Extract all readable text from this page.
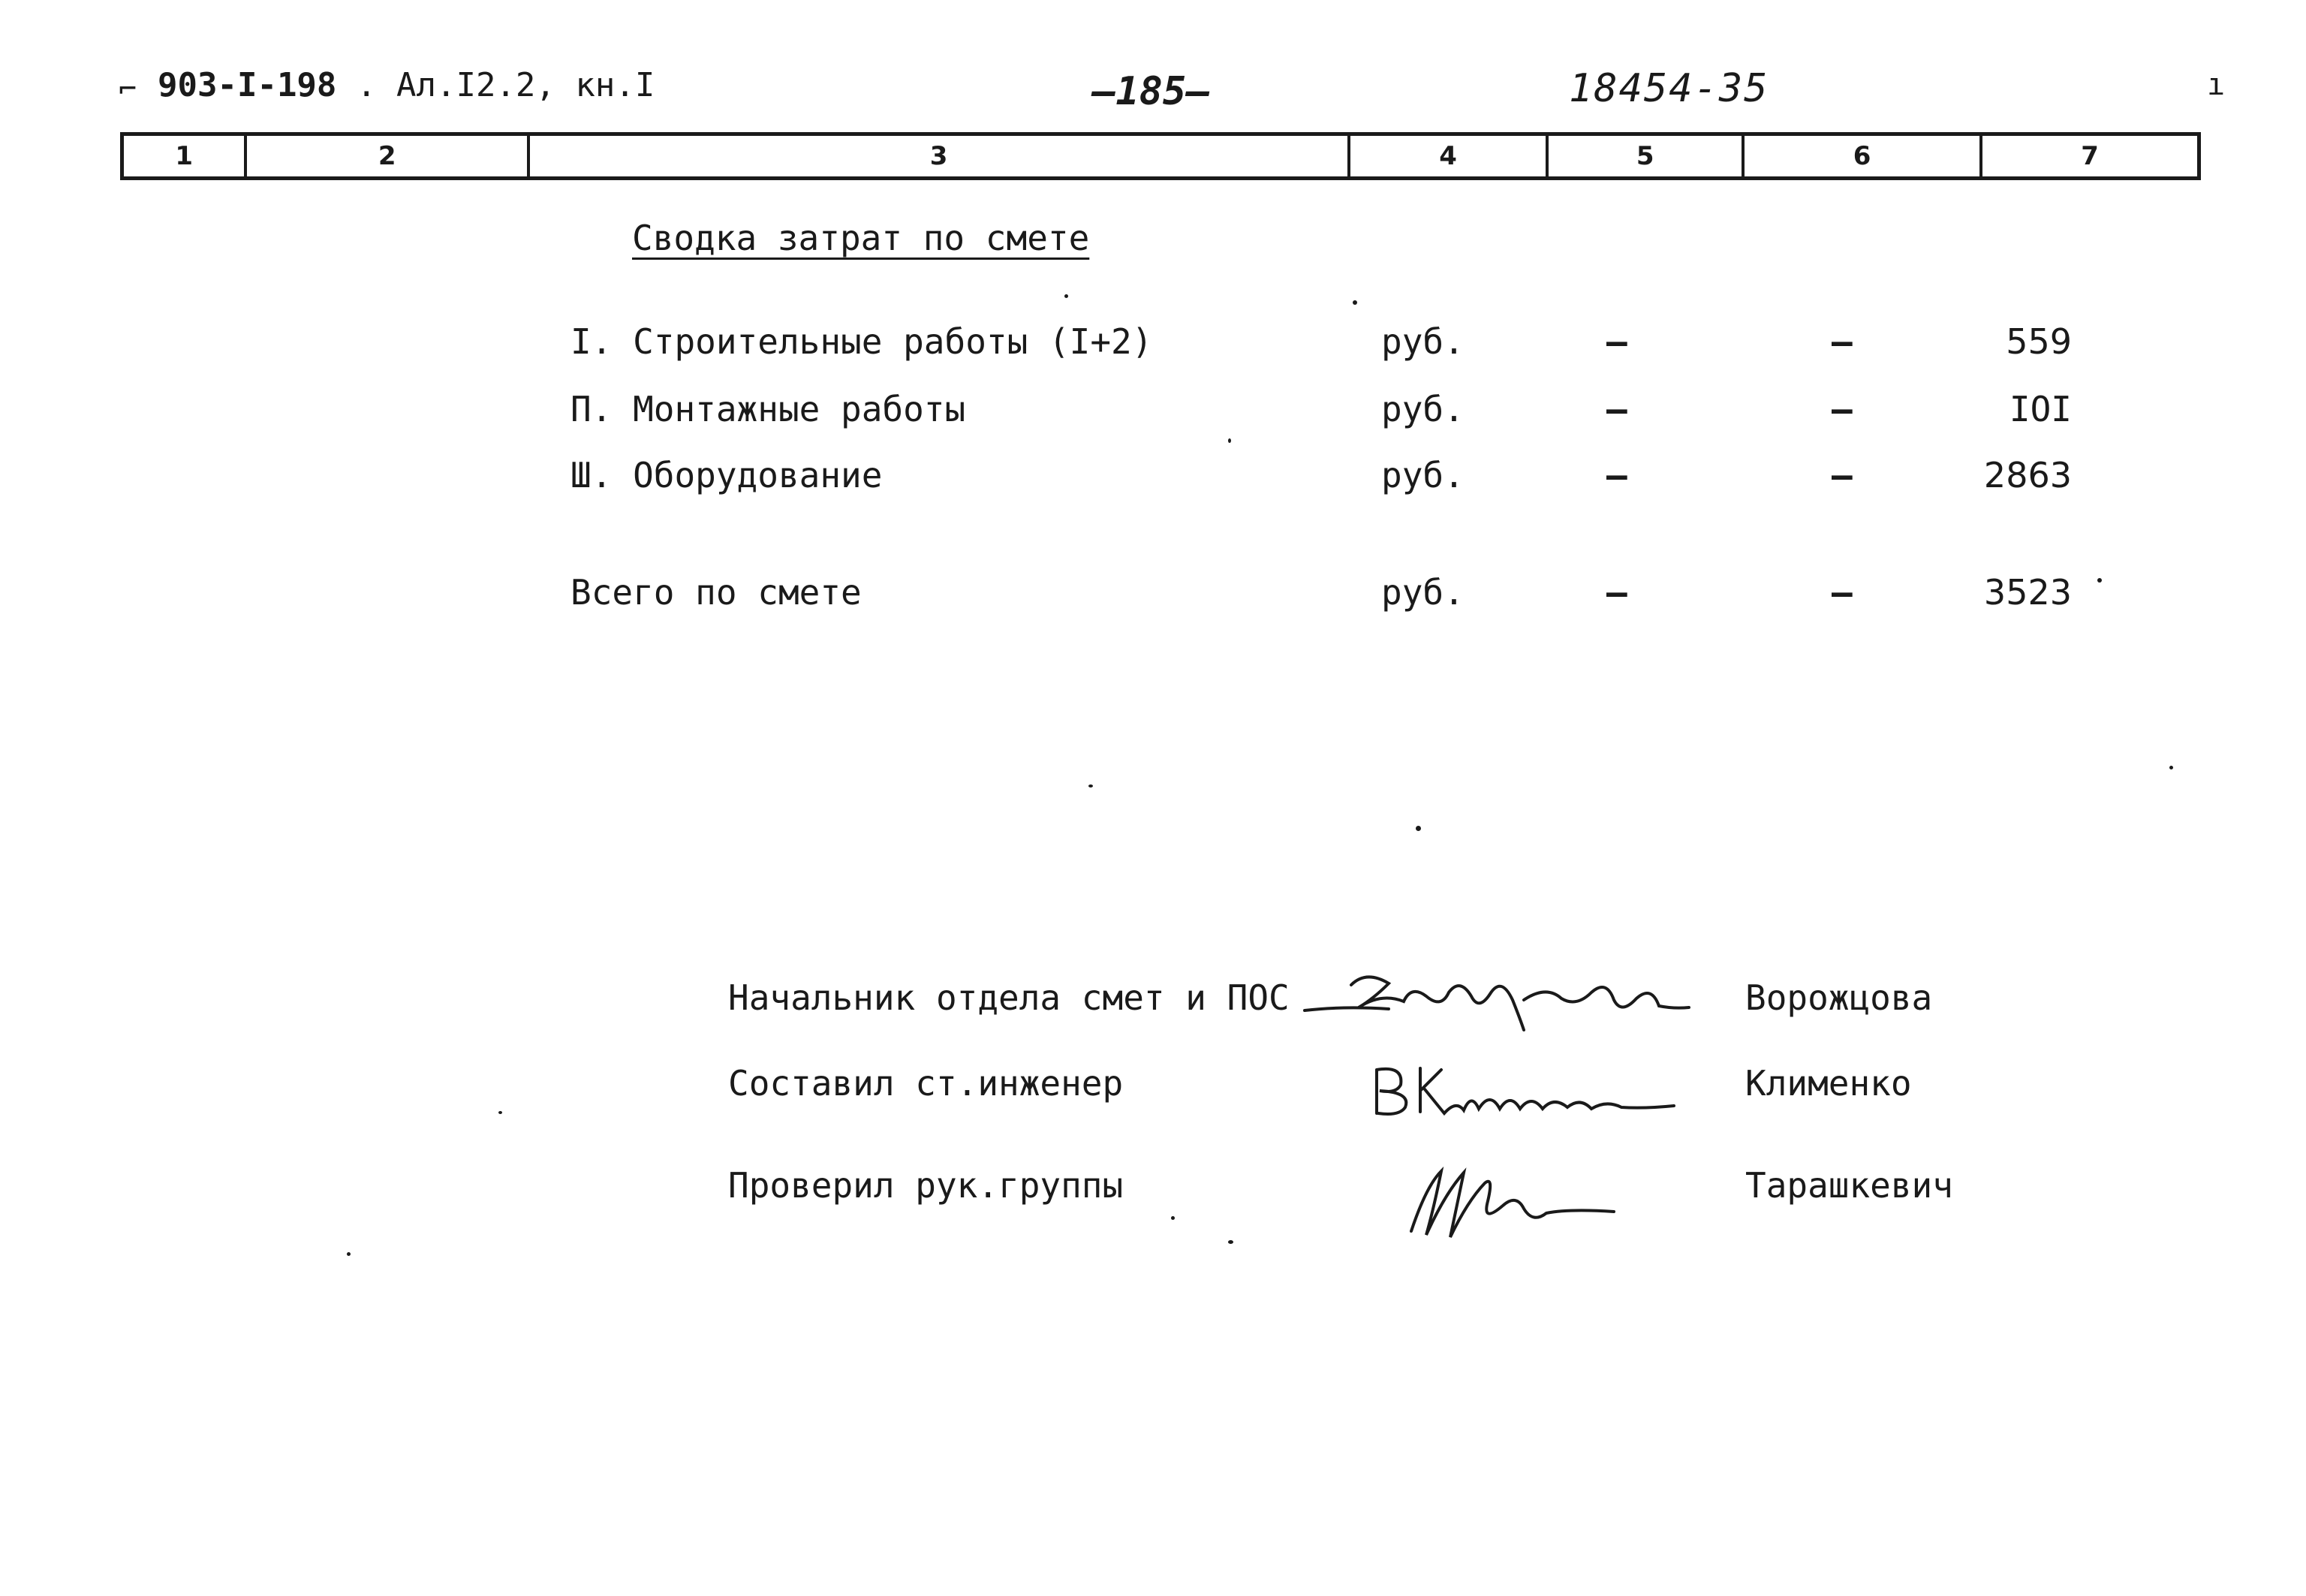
⌐ 903-I-198 . Ал.I2.2, кн.I	—185—	18454-35	ı
1	2	3	4	5	6	7
Сводка затрат по смете
I. Строительные работы (I+2)	руб.	–	–	559
П. Монтажные работы	руб.	–	–	IOI
Ш. Оборудование	руб.	–	–	2863
Всего по смете	руб.	–	–	3523
Начальник отдела смет и ПОС	Ворожцова
Составил ст.инженер	Клименко
Проверил рук.группы	Тарашкевич
